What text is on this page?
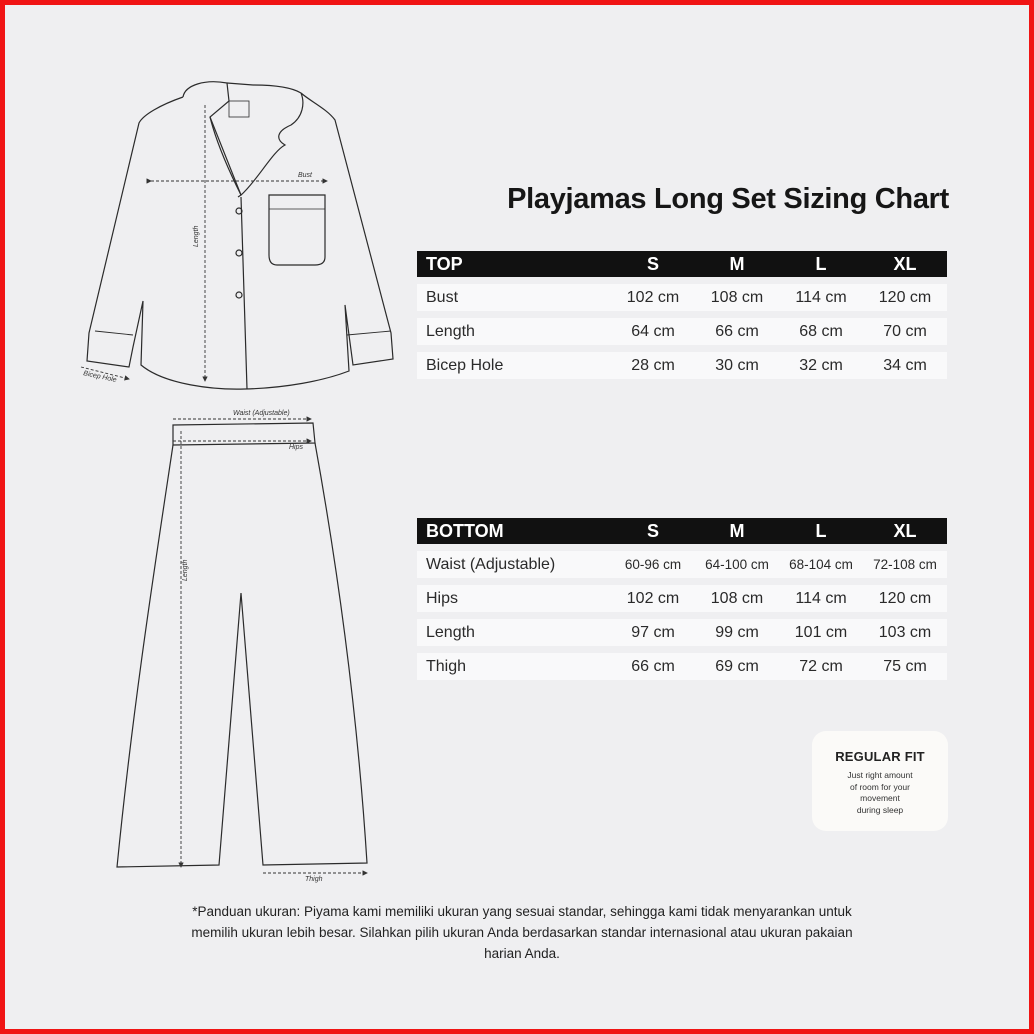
Bust
Length
Bicep Hole
Waist (Adjustable)
Hips
Length
Thigh
Playjamas Long Set Sizing Chart
TOP	S	M	L	XL
Bust	102 cm	108 cm	114 cm	120 cm
Length	64 cm	66 cm	68 cm	70 cm
Bicep Hole	28 cm	30 cm	32 cm	34 cm
BOTTOM	S	M	L	XL
Waist (Adjustable)	60-96 cm	64-100 cm	68-104 cm	72-108 cm
Hips	102 cm	108 cm	114 cm	120 cm
Length	97 cm	99 cm	101 cm	103 cm
Thigh	66 cm	69 cm	72 cm	75 cm
REGULAR FIT
Just right amount
of room for your
movement
during sleep
*Panduan ukuran: Piyama kami memiliki ukuran yang sesuai standar, sehingga kami tidak menyarankan untuk memilih ukuran lebih besar. Silahkan pilih ukuran Anda berdasarkan standar internasional atau ukuran pakaian harian Anda.
